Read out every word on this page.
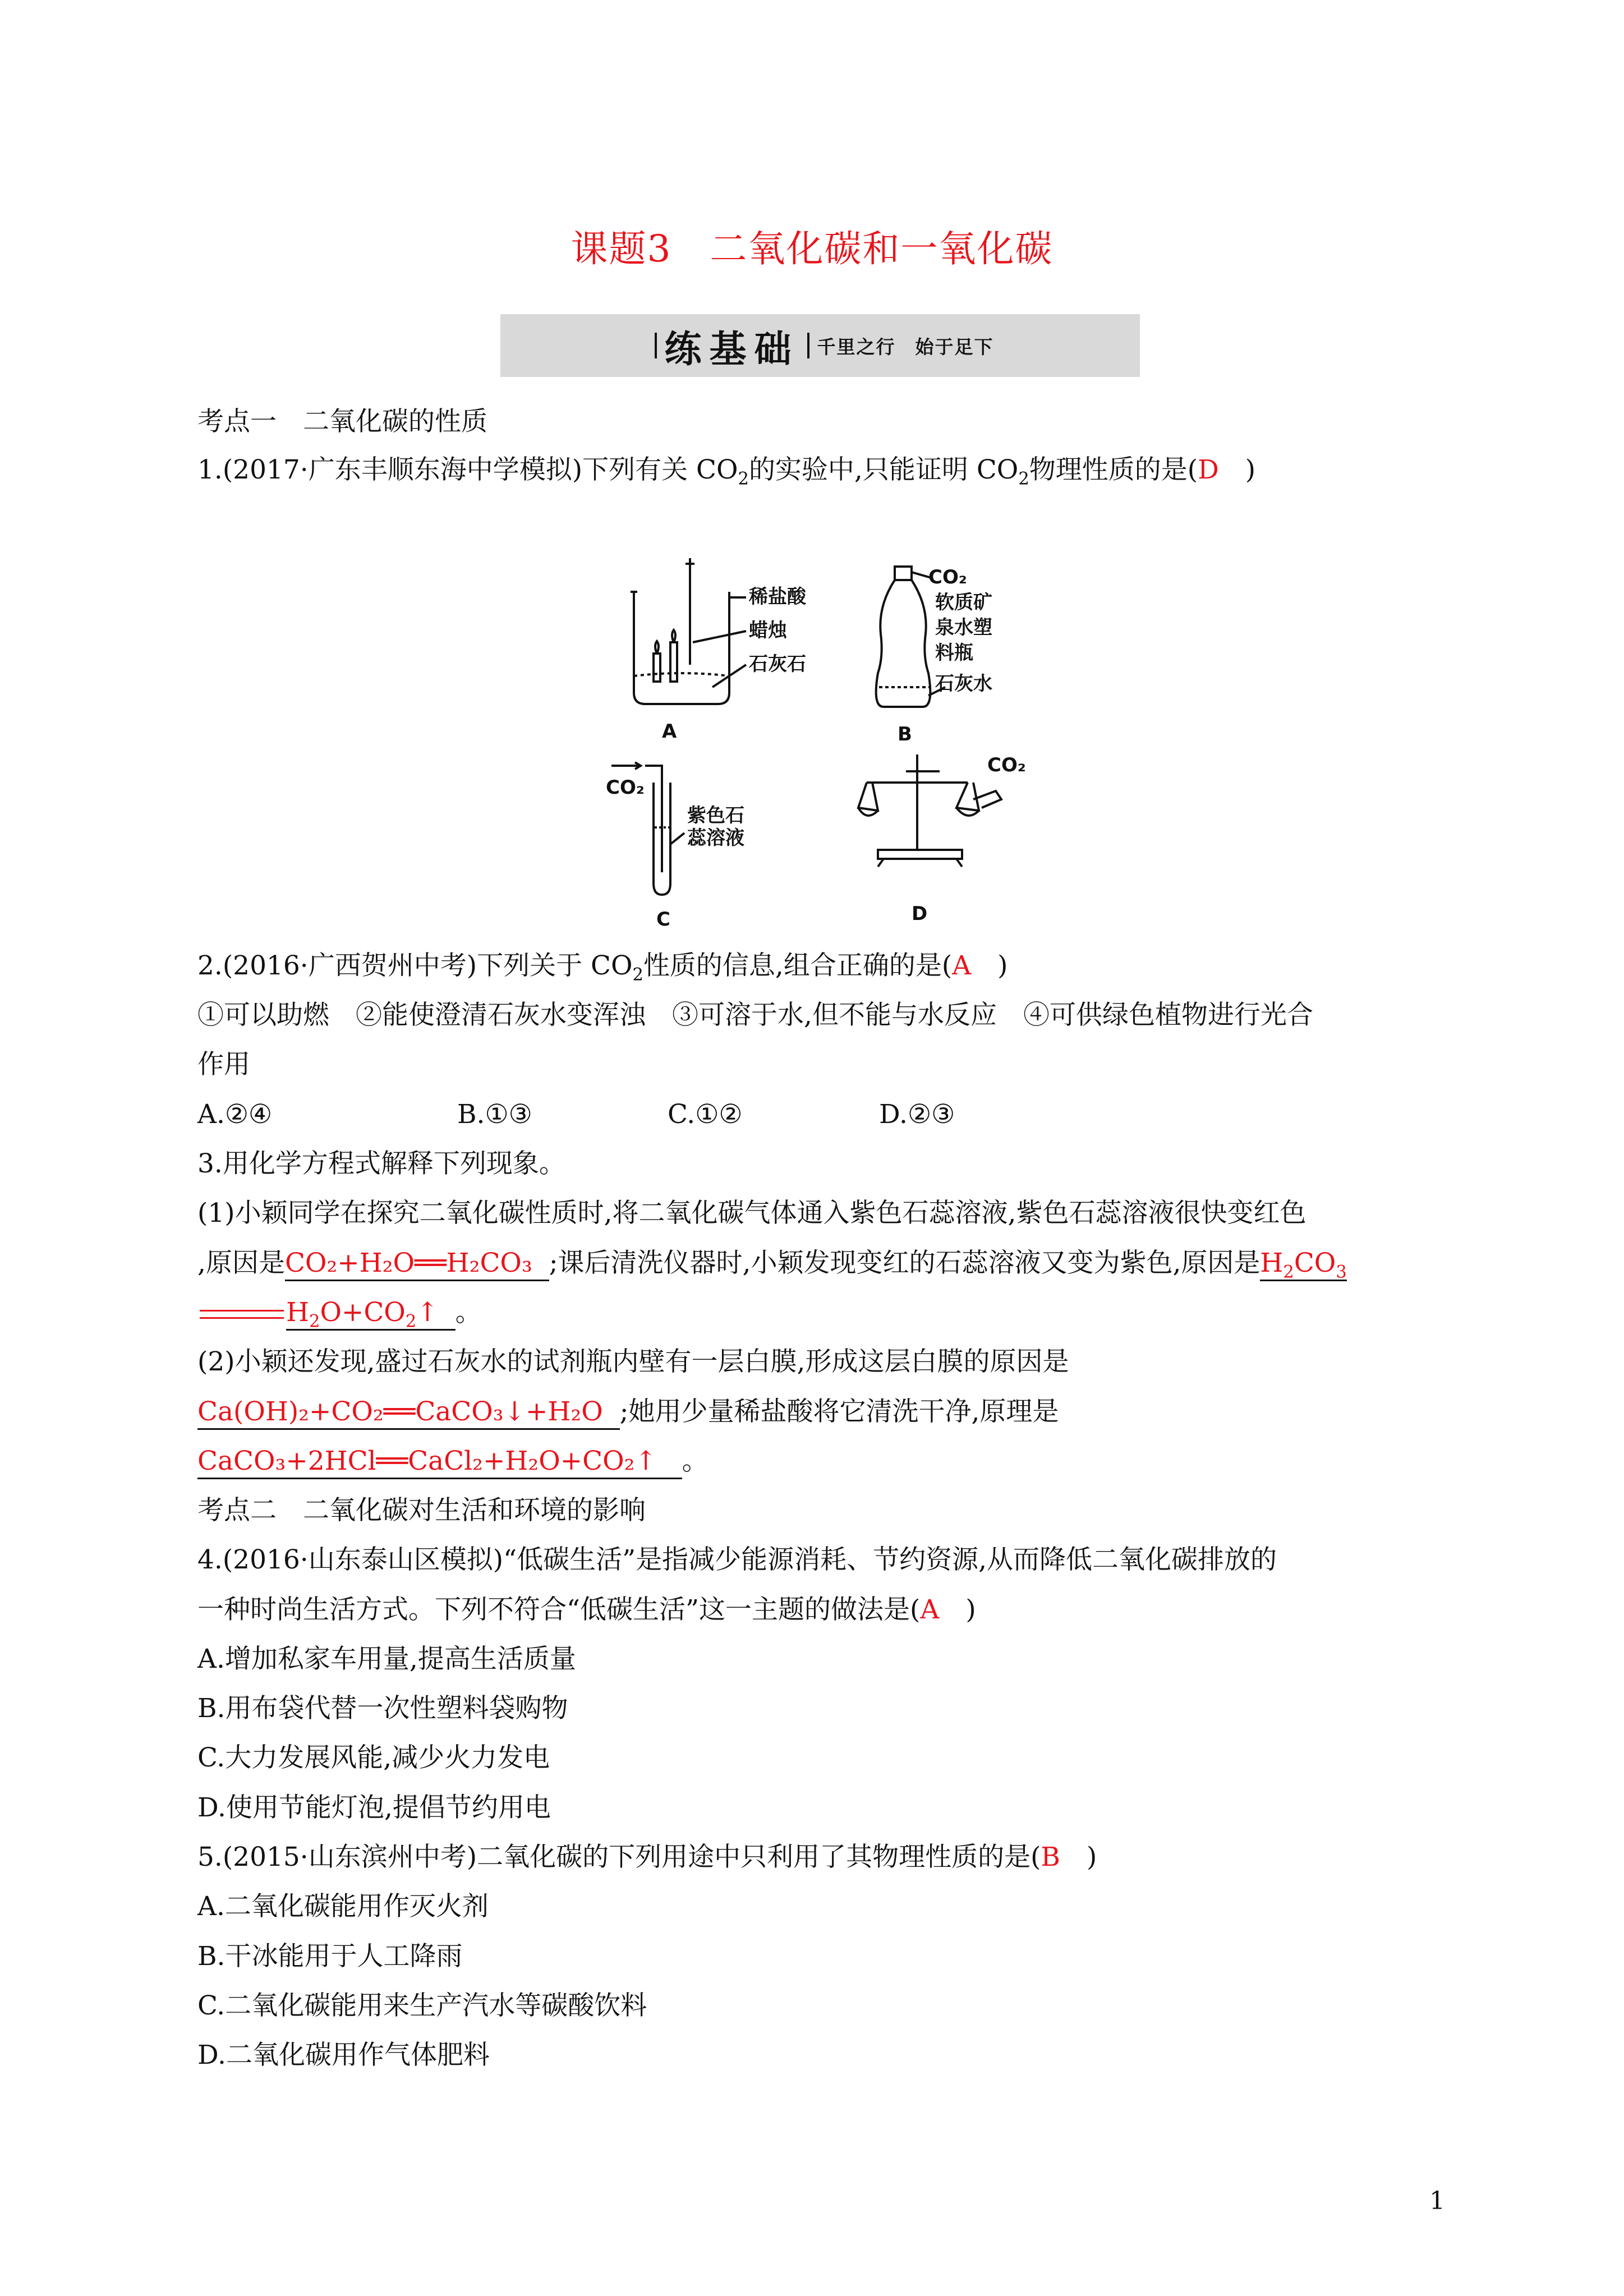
课题3　二氧化碳和一氧化碳
练基础 千里之行　始于足下
考点一　二氧化碳的性质
1.(2017·广东丰顺东海中学模拟)下列有关 $CO_2$的实验中,只能证明 $CO_2$物理性质的是(D　)
稀盐酸
蜡烛
石灰石
A
CO₂
软质矿
泉水塑
料瓶
石灰水
B
CO₂
紫色石
蕊溶液
C
CO₂
D
2.(2016·广西贺州中考)下列关于 $CO_2$性质的信息,组合正确的是(A　)
①可以助燃　②能使澄清石灰水变浑浊　③可溶于水,但不能与水反应　④可供绿色植物进行光合
作用
A.②④	B.①③	C.①②	D.②③
3.用化学方程式解释下列现象。
(1)小颖同学在探究二氧化碳性质时,将二氧化碳气体通入紫色石蕊溶液,紫色石蕊溶液很快变红色
,原因是CO₂+H₂O══H₂CO₃ ;课后清洗仪器时,小颖发现变红的石蕊溶液又变为紫色,原因是$H_2CO_3$
$H_2O+CO_2↑$ 。
(2)小颖还发现,盛过石灰水的试剂瓶内壁有一层白膜,形成这层白膜的原因是
Ca(OH)₂+CO₂══CaCO₃↓+H₂O ;她用少量稀盐酸将它清洗干净,原理是
CaCO₃+2HCl══CaCl₂+H₂O+CO₂↑ 。
考点二　二氧化碳对生活和环境的影响
4.(2016·山东泰山区模拟)“低碳生活”是指减少能源消耗、节约资源,从而降低二氧化碳排放的
一种时尚生活方式。下列不符合“低碳生活”这一主题的做法是(A　)
A.增加私家车用量,提高生活质量
B.用布袋代替一次性塑料袋购物
C.大力发展风能,减少火力发电
D.使用节能灯泡,提倡节约用电
5.(2015·山东滨州中考)二氧化碳的下列用途中只利用了其物理性质的是(B　)
A.二氧化碳能用作灭火剂
B.干冰能用于人工降雨
C.二氧化碳能用来生产汽水等碳酸饮料
D.二氧化碳用作气体肥料
1
